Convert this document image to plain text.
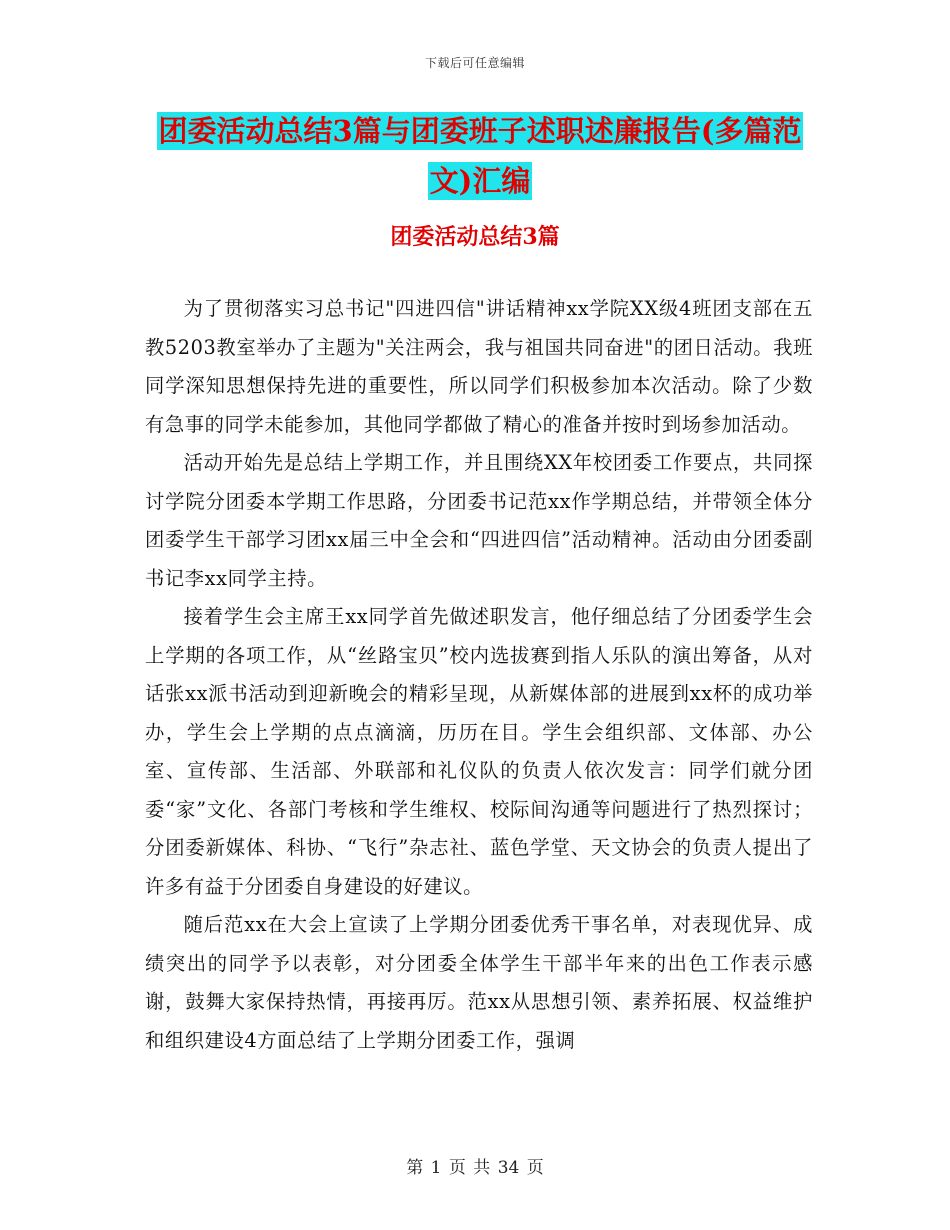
下载后可任意编辑
团委活动总结3篇与团委班子述职述廉报告(多篇范文)汇编
团委活动总结3篇

为了贯彻落实习总书记"四进四信"讲话精神xx学院XX级4班团支部在五教5203教室举办了主题为"关注两会，我与祖国共同奋进"的团日活动。我班同学深知思想保持先进的重要性，所以同学们积极参加本次活动。除了少数有急事的同学未能参加，其他同学都做了精心的准备并按时到场参加活动。

活动开始先是总结上学期工作，并且围绕XX年校团委工作要点，共同探讨学院分团委本学期工作思路，分团委书记范xx作学期总结，并带领全体分团委学生干部学习团xx届三中全会和“四进四信”活动精神。活动由分团委副书记李xx同学主持。

接着学生会主席王xx同学首先做述职发言，他仔细总结了分团委学生会上学期的各项工作，从“丝路宝贝”校内选拔赛到指人乐队的演出筹备，从对话张xx派书活动到迎新晚会的精彩呈现，从新媒体部的进展到xx杯的成功举办，学生会上学期的点点滴滴，历历在目。学生会组织部、文体部、办公室、宣传部、生活部、外联部和礼仪队的负责人依次发言：同学们就分团委“家”文化、各部门考核和学生维权、校际间沟通等问题进行了热烈探讨；分团委新媒体、科协、“飞行”杂志社、蓝色学堂、天文协会的负责人提出了许多有益于分团委自身建设的好建议。

随后范xx在大会上宣读了上学期分团委优秀干事名单，对表现优异、成绩突出的同学予以表彰，对分团委全体学生干部半年来的出色工作表示感谢，鼓舞大家保持热情，再接再厉。范xx从思想引领、素养拓展、权益维护和组织建设4方面总结了上学期分团委工作，强调

第 1 页 共 34 页
